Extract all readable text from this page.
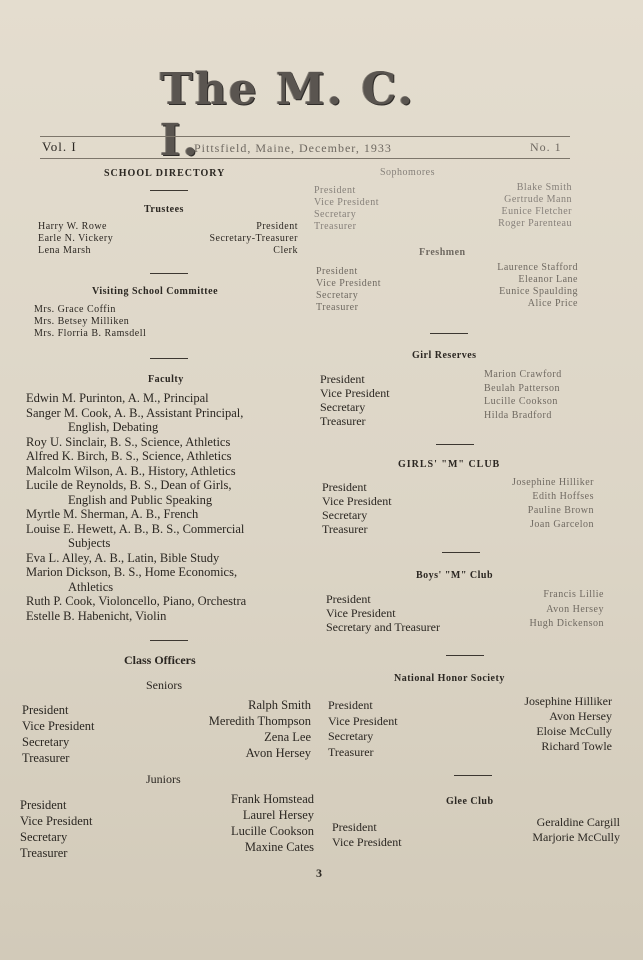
The M. C. I.
Vol. I	Pittsfield, Maine, December, 1933	No. 1
SCHOOL DIRECTORY
Trustees
Harry W. Rowe
Earle N. Vickery
Lena Marsh
President
Secretary-Treasurer
Clerk
Visiting School Committee
Mrs. Grace Coffin
Mrs. Betsey Milliken
Mrs. Florria B. Ramsdell
Faculty
Edwin M. Purinton, A. M., Principal
Sanger M. Cook, A. B., Assistant Principal,
English, Debating
Roy U. Sinclair, B. S., Science, Athletics
Alfred K. Birch, B. S., Science, Athletics
Malcolm Wilson, A. B., History, Athletics
Lucile de Reynolds, B. S., Dean of Girls,
English and Public Speaking
Myrtle M. Sherman, A. B., French
Louise E. Hewett, A. B., B. S., Commercial
Subjects
Eva L. Alley, A. B., Latin, Bible Study
Marion Dickson, B. S., Home Economics,
Athletics
Ruth P. Cook, Violoncello, Piano, Orchestra
Estelle B. Habenicht, Violin
Class Officers
Seniors
President
Vice President
Secretary
Treasurer
Ralph Smith
Meredith Thompson
Zena Lee
Avon Hersey
Juniors
President
Vice President
Secretary
Treasurer
Frank Homstead
Laurel Hersey
Lucille Cookson
Maxine Cates
Sophomores
President
Vice President
Secretary
Treasurer
Blake Smith
Gertrude Mann
Eunice Fletcher
Roger Parenteau
Freshmen
President
Vice President
Secretary
Treasurer
Laurence Stafford
Eleanor Lane
Eunice Spaulding
Alice Price
Girl Reserves
President
Vice President
Secretary
Treasurer
Marion Crawford
Beulah Patterson
Lucille Cookson
Hilda Bradford
GIRLS' "M" CLUB
President
Vice President
Secretary
Treasurer
Josephine Hilliker
Edith Hoffses
Pauline Brown
Joan Garcelon
Boys' "M" Club
President
Vice President
Secretary and Treasurer
Francis Lillie
Avon Hersey
Hugh Dickenson
National Honor Society
President
Vice President
Secretary
Treasurer
Josephine Hilliker
Avon Hersey
Eloise McCully
Richard Towle
Glee Club
President
Vice President
Geraldine Cargill
Marjorie McCully
3
